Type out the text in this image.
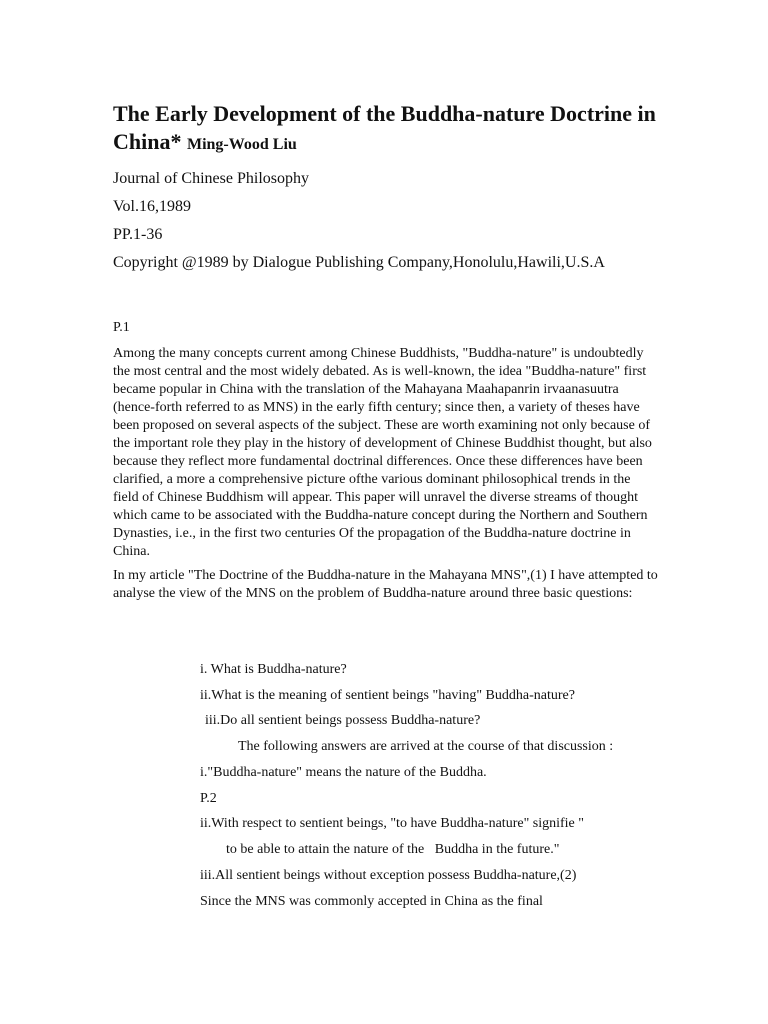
The Early Development of the Buddha-nature Doctrine in China* Ming-Wood Liu

Journal of Chinese Philosophy

Vol.16,1989

PP.1-36

Copyright @1989 by Dialogue Publishing Company,Honolulu,Hawili,U.S.A

P.1

Among the many concepts current among Chinese Buddhists, "Buddha-nature" is undoubtedly the most central and the most widely debated. As is well-known, the idea "Buddha-nature" first became popular in China with the translation of the Mahayana Maahapanrin irvaanasuutra (hence-forth referred to as MNS) in the early fifth century; since then, a variety of theses have been proposed on several aspects of the subject. These are worth examining not only because of the important role they play in the history of development of Chinese Buddhist thought, but also because they reflect more fundamental doctrinal differences. Once these differences have been clarified, a more a comprehensive picture ofthe various dominant philosophical trends in the field of Chinese Buddhism will appear. This paper will unravel the diverse streams of thought which came to be associated with the Buddha-nature concept during the Northern and Southern Dynasties, i.e., in the first two centuries Of the propagation of the Buddha-nature doctrine in China.

In my article "The Doctrine of the Buddha-nature in the Mahayana MNS",(1) I have attempted to analyse the view of the MNS on the problem of Buddha-nature around three basic questions:

i. What is Buddha-nature?

ii.What is the meaning of sentient beings "having" Buddha-nature?

iii.Do all sentient beings possess Buddha-nature?

The following answers are arrived at the course of that discussion :

i."Buddha-nature" means the nature of the Buddha.

P.2

ii.With respect to sentient beings, "to have Buddha-nature" signifie "

to be able to attain the nature of the   Buddha in the future."

iii.All sentient beings without exception possess Buddha-nature,(2)

Since the MNS was commonly accepted in China as the final
